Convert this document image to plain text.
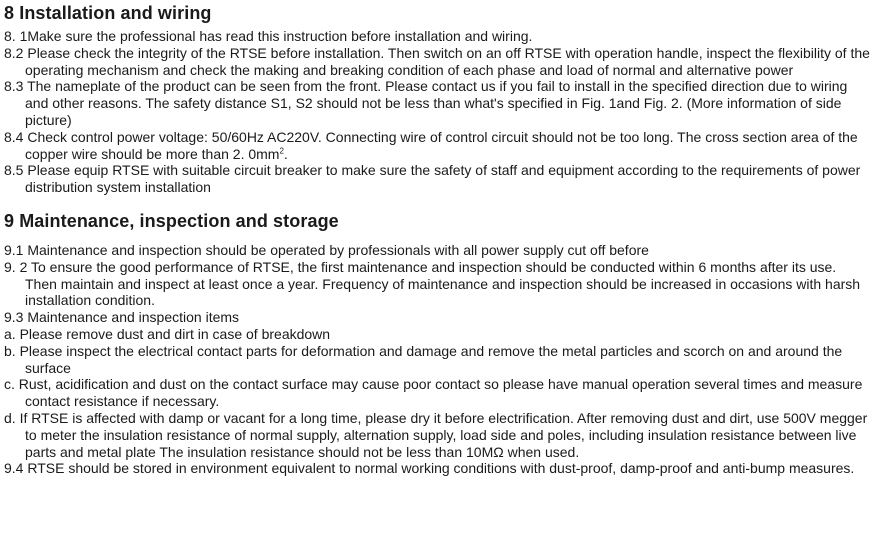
8 Installation and wiring

8. 1Make sure the professional has read this instruction before installation and wiring.

8.2 Please check the integrity of the RTSE before installation. Then switch on an off RTSE with operation handle, inspect the flexibility of the operating mechanism and check the making and breaking condition of each phase and load of normal and alternative power

8.3 The nameplate of the product can be seen from the front. Please contact us if you fail to install in the specified direction due to wiring and other reasons. The safety distance S1, S2 should not be less than what's specified in Fig. 1and Fig. 2. (More information of side picture)

8.4 Check control power voltage: 50/60Hz AC220V. Connecting wire of control circuit should not be too long. The cross section area of the copper wire should be more than 2. $0mm^2$.

8.5 Please equip RTSE with suitable circuit breaker to make sure the safety of staff and equipment according to the requirements of power distribution system installation

9 Maintenance, inspection and storage

9.1 Maintenance and inspection should be operated by professionals with all power supply cut off before

9. 2 To ensure the good performance of RTSE, the first maintenance and inspection should be conducted within 6 months after its use. Then maintain and inspect at least once a year. Frequency of maintenance and inspection should be increased in occasions with harsh installation condition.

9.3 Maintenance and inspection items

a. Please remove dust and dirt in case of breakdown

b. Please inspect the electrical contact parts for deformation and damage and remove the metal particles and scorch on and around the surface

c. Rust, acidification and dust on the contact surface may cause poor contact so please have manual operation several times and measure contact resistance if necessary.

d. If RTSE is affected with damp or vacant for a long time, please dry it before electrification. After removing dust and dirt, use 500V megger to meter the insulation resistance of normal supply, alternation supply, load side and poles, including insulation resistance between live parts and metal plate The insulation resistance should not be less than 10MΩ when used.

9.4 RTSE should be stored in environment equivalent to normal working conditions with dust-proof, damp-proof and anti-bump measures.
